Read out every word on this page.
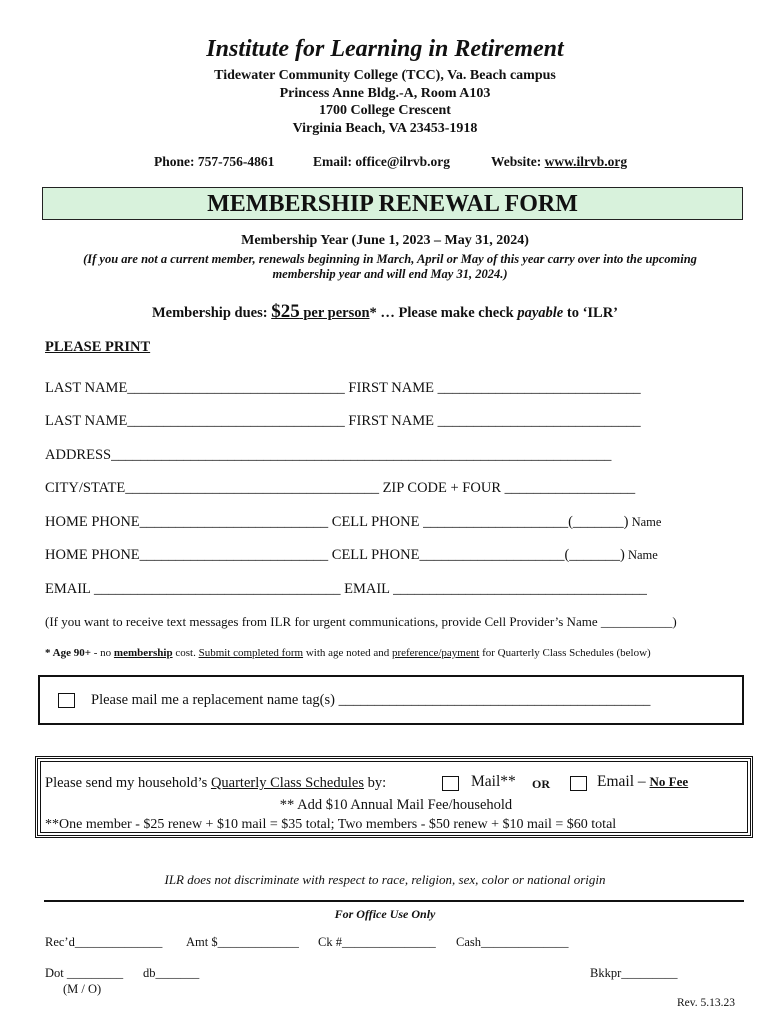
Institute for Learning in Retirement
Tidewater Community College (TCC), Va. Beach campus
Princess Anne Bldg.-A, Room A103
1700 College Crescent
Virginia Beach, VA 23453-1918
Phone: 757-756-4861	Email: office@ilrvb.org	Website: www.ilrvb.org
MEMBERSHIP RENEWAL FORM
Membership Year (June 1, 2023 – May 31, 2024)
(If you are not a current member, renewals beginning in March, April or May of this year carry over into the upcoming
membership year and will end May 31, 2024.)
Membership dues: $25 per person* … Please make check payable to ‘ILR’
PLEASE PRINT
LAST NAME______________________________ FIRST NAME ____________________________
LAST NAME______________________________ FIRST NAME ____________________________
ADDRESS_____________________________________________________________________
CITY/STATE___________________________________ ZIP CODE + FOUR __________________
HOME PHONE__________________________ CELL PHONE ____________________(_______) Name
HOME PHONE__________________________ CELL PHONE____________________(_______) Name
EMAIL __________________________________ EMAIL ___________________________________
(If you want to receive text messages from ILR for urgent communications, provide Cell Provider’s Name ___________)
* Age 90+ - no membership cost. Submit completed form with age noted and preference/payment for Quarterly Class Schedules (below)
Please mail me a replacement name tag(s) ___________________________________________
Please send my household’s Quarterly Class Schedules by:	Mail** OR	Email – No Fee
** Add $10 Annual Mail Fee/household
**One member - $25 renew + $10 mail = $35 total; Two members - $50 renew + $10 mail = $60 total
ILR does not discriminate with respect to race, religion, sex, color or national origin
For Office Use Only
Rec’d______________ Amt $_____________ Ck #_______________ Cash______________
Dot _________ db_______	Bkkpr_________
(M / O)
Rev. 5.13.23
